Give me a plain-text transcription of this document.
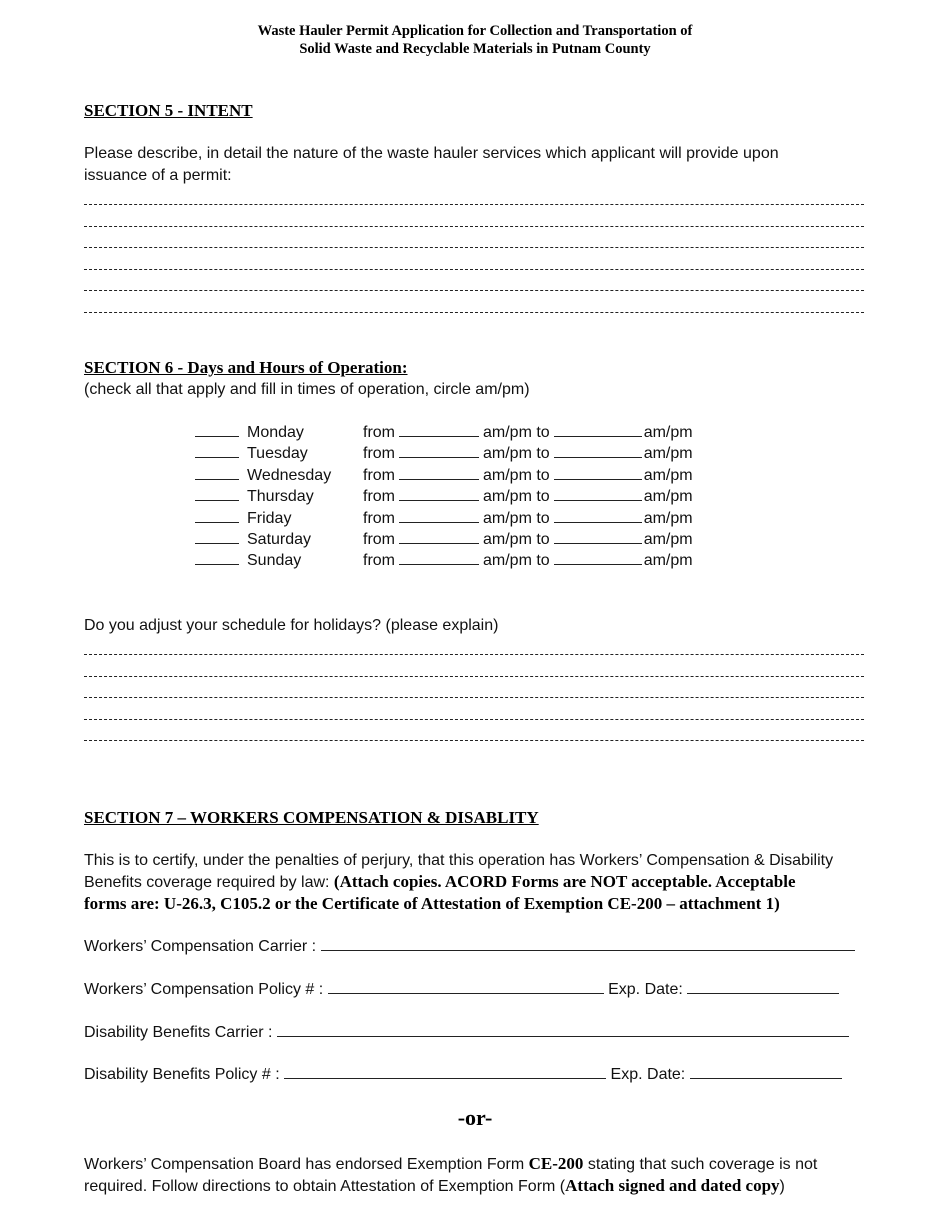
Waste Hauler Permit Application for Collection and Transportation of
Solid Waste and Recyclable Materials in Putnam County
SECTION 5 - INTENT
Please describe, in detail the nature of the waste hauler services which applicant will provide upon
issuance of a permit:
SECTION 6 - Days and Hours of Operation:
(check all that apply and fill in times of operation, circle am/pm)
Monday	from	am/pm to	am/pm
Tuesday	from	am/pm to	am/pm
Wednesday from	am/pm to	am/pm
Thursday	from	am/pm to	am/pm
Friday	from	am/pm to	am/pm
Saturday	from	am/pm to	am/pm
Sunday	from	am/pm to	am/pm
Do you adjust your schedule for holidays? (please explain)
SECTION 7 – WORKERS COMPENSATION & DISABLITY
This is to certify, under the penalties of perjury, that this operation has Workers’ Compensation & Disability
Benefits coverage required by law: (Attach copies. ACORD Forms are NOT acceptable. Acceptable
forms are: U-26.3, C105.2 or the Certificate of Attestation of Exemption CE-200 – attachment 1)
Workers’ Compensation Carrier :
Workers’ Compensation Policy # :	Exp. Date:
Disability Benefits Carrier :
Disability Benefits Policy # :	Exp. Date:
-or-
Workers’ Compensation Board has endorsed Exemption Form CE-200 stating that such coverage is not
required. Follow directions to obtain Attestation of Exemption Form (Attach signed and dated copy)
